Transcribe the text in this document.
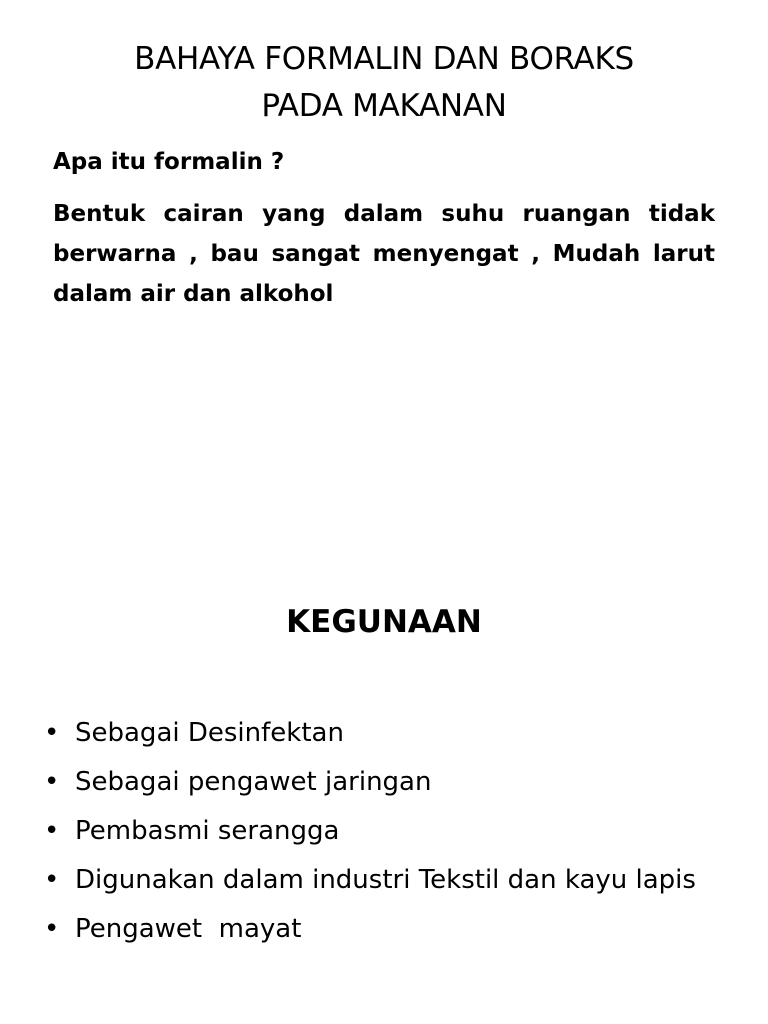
BAHAYA FORMALIN DAN BORAKS
PADA MAKANAN
Apa itu formalin ?
Bentuk cairan yang dalam suhu ruangan tidak berwarna , bau sangat menyengat , Mudah larut dalam air dan alkohol
KEGUNAAN
• Sebagai Desinfektan
• Sebagai pengawet jaringan
• Pembasmi serangga
• Digunakan dalam industri Tekstil dan kayu lapis
• Pengawet  mayat
